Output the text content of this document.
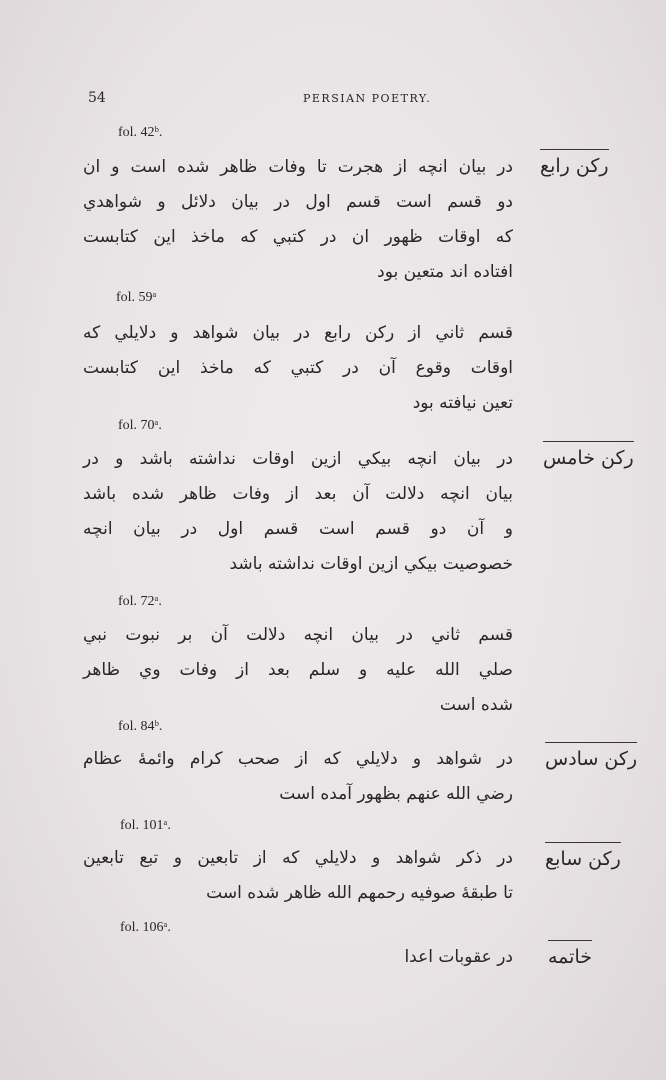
54	PERSIAN POETRY.
fol. 42ᵇ.
رکن رابع
در بیان انچه از هجرت تا وفات ظاهر شده است و ان
دو قسم است قسم اول در بیان دلائل و شواهدي
که اوقات ظهور ان در کتبي که ماخذ این کتابست
افتاده اند متعین بود
fol. 59ᵃ
قسم ثاني از رکن رابع در بیان شواهد و دلایلي که
اوقات وقوع آن در کتبي که ماخذ این کتابست
تعین نیافته بود
fol. 70ᵃ.
رکن خامس
در بیان انچه بیکي ازین اوقات نداشته باشد و در
بیان انچه دلالت آن بعد از وفات ظاهر شده باشد
و آن دو قسم است قسم اول در بیان انچه
خصوصیت بیکي ازین اوقات نداشته باشد
fol. 72ᵃ.
قسم ثاني در بیان انچه دلالت آن بر نبوت نبي
صلي الله علیه و سلم بعد از وفات وي ظاهر
شده است
fol. 84ᵇ.
رکن سادس
در شواهد و دلایلي که از صحب کرام وائمهٔ عظام
رضي الله عنهم بظهور آمده است
fol. 101ᵃ.
رکن سابع
در ذکر شواهد و دلایلي که از تابعین و تبع تابعین
تا طبقهٔ صوفیه رحمهم الله ظاهر شده است
fol. 106ᵃ.
خاتمه
در عقوبات اعدا
